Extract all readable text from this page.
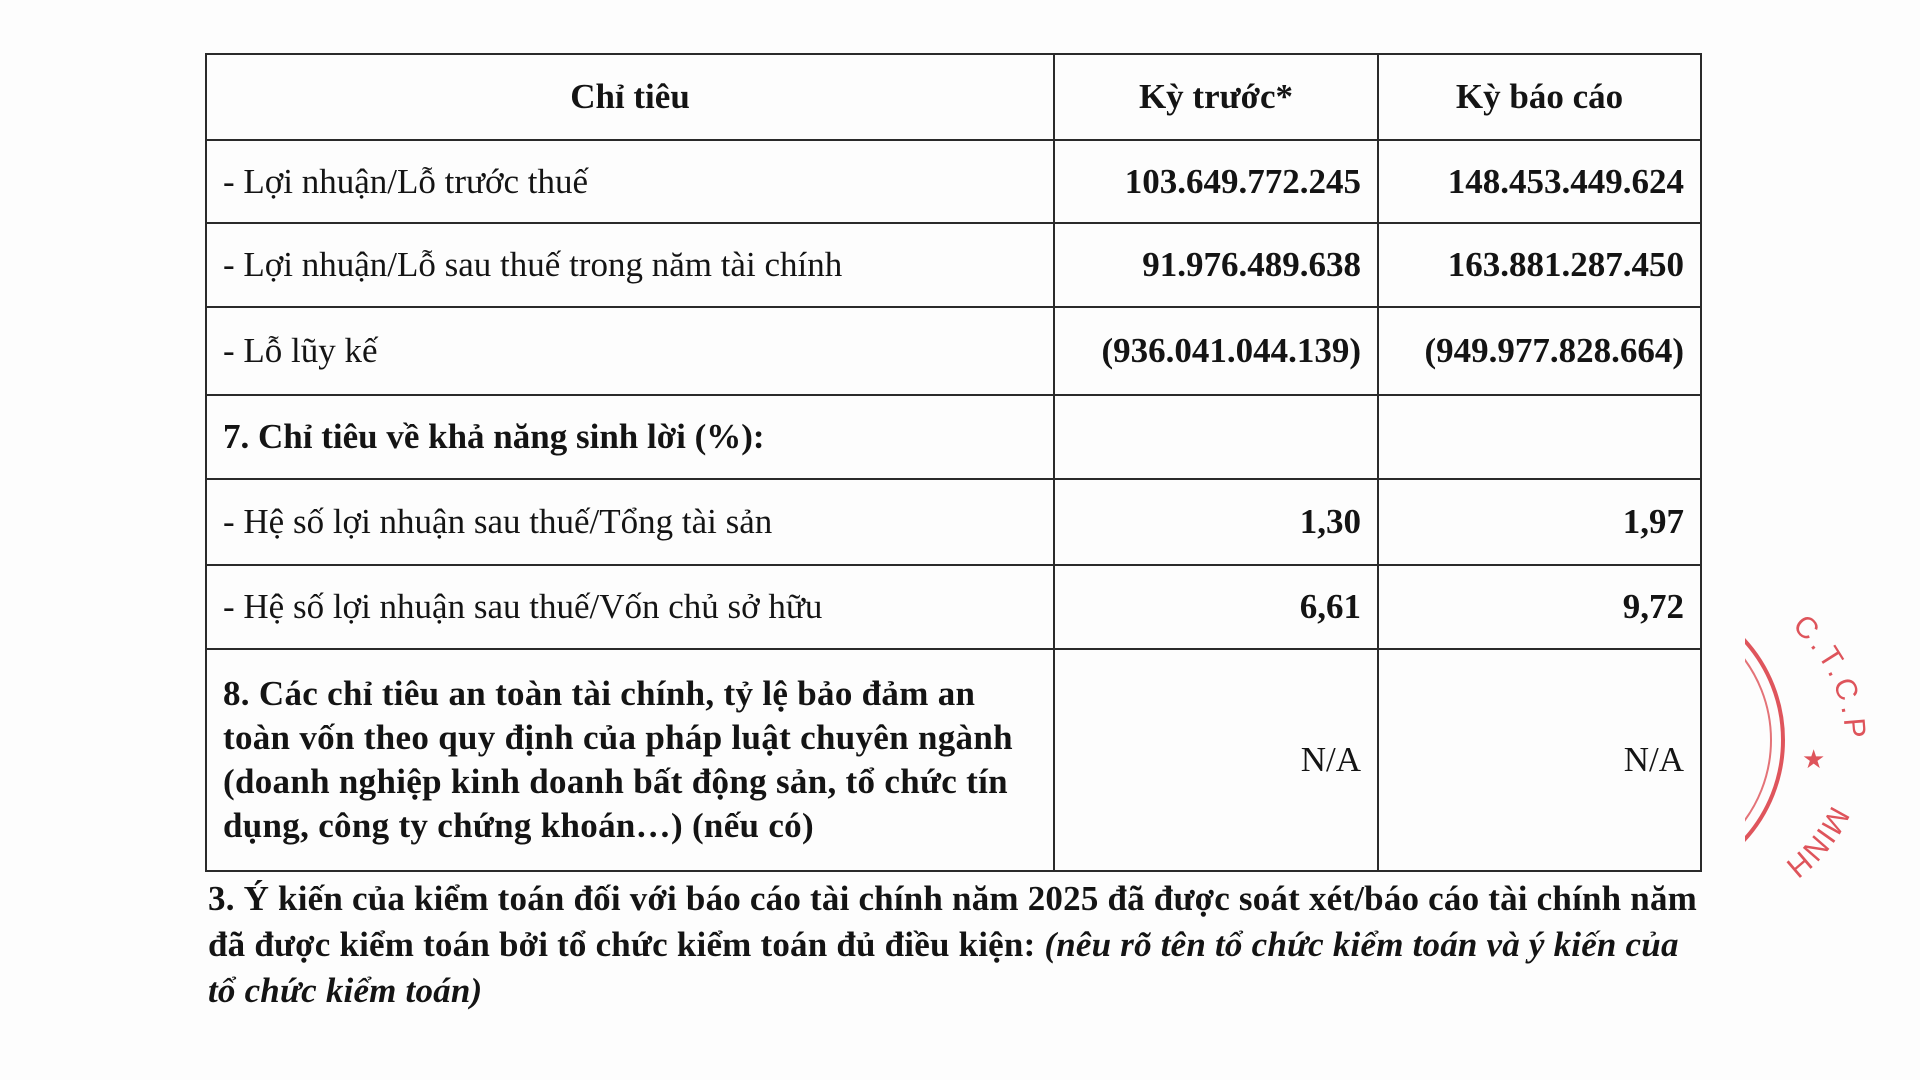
Chỉ tiêu	Kỳ trước*	Kỳ báo cáo
- Lợi nhuận/Lỗ trước thuế	103.649.772.245	148.453.449.624
- Lợi nhuận/Lỗ sau thuế trong năm tài chính	91.976.489.638	163.881.287.450
- Lỗ lũy kế	(936.041.044.139)	(949.977.828.664)
7. Chỉ tiêu về khả năng sinh lời (%):		
- Hệ số lợi nhuận sau thuế/Tổng tài sản	1,30	1,97
- Hệ số lợi nhuận sau thuế/Vốn chủ sở hữu	6,61	9,72
8. Các chỉ tiêu an toàn tài chính, tỷ lệ bảo đảm an toàn vốn theo quy định của pháp luật chuyên ngành (doanh nghiệp kinh doanh bất động sản, tổ chức tín dụng, công ty chứng khoán…) (nếu có)	N/A	N/A
3. Ý kiến của kiểm toán đối với báo cáo tài chính năm 2025 đã được soát xét/báo cáo tài chính năm đã được kiểm toán bởi tổ chức kiểm toán đủ điều kiện: (nêu rõ tên tổ chức kiểm toán và ý kiến của tổ chức kiểm toán)
C.T.C.P
MINH
★
